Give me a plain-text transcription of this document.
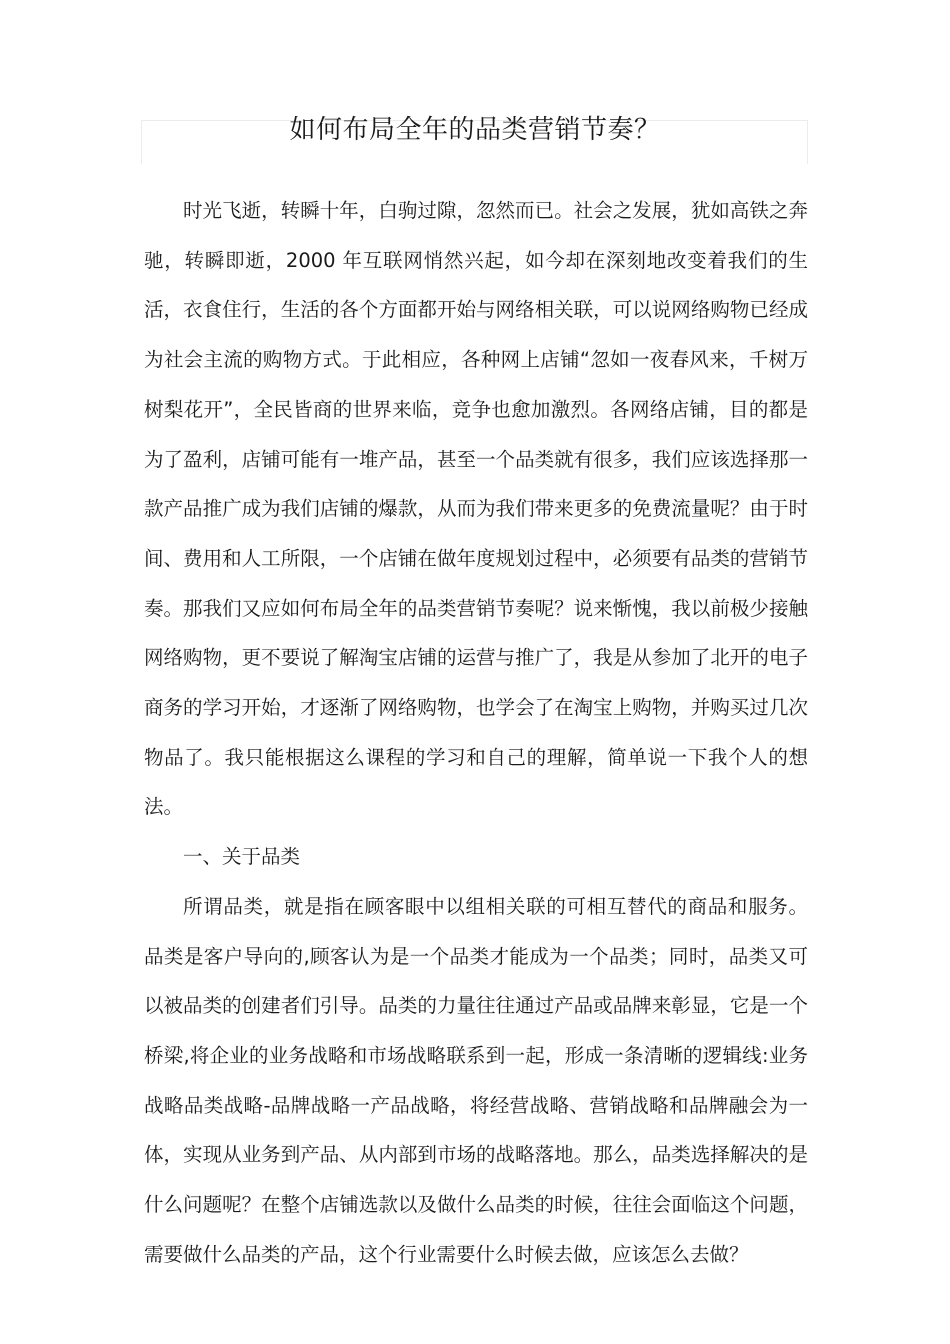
如何布局全年的品类营销节奏？

时光飞逝，转瞬十年，白驹过隙，忽然而已。社会之发展，犹如高铁之奔驰，转瞬即逝，2000 年互联网悄然兴起，如今却在深刻地改变着我们的生活，衣食住行，生活的各个方面都开始与网络相关联，可以说网络购物已经成为社会主流的购物方式。于此相应，各种网上店铺“忽如一夜春风来，千树万树梨花开”，全民皆商的世界来临，竞争也愈加激烈。各网络店铺，目的都是为了盈利，店铺可能有一堆产品，甚至一个品类就有很多，我们应该选择那一款产品推广成为我们店铺的爆款，从而为我们带来更多的免费流量呢？由于时间、费用和人工所限，一个店铺在做年度规划过程中，必须要有品类的营销节奏。那我们又应如何布局全年的品类营销节奏呢？说来惭愧，我以前极少接触网络购物，更不要说了解淘宝店铺的运营与推广了，我是从参加了北开的电子商务的学习开始，才逐渐了网络购物，也学会了在淘宝上购物，并购买过几次物品了。我只能根据这么课程的学习和自己的理解，简单说一下我个人的想法。

一、关于品类

所谓品类，就是指在顾客眼中以组相关联的可相互替代的商品和服务。 品类是客户导向的,顾客认为是一个品类才能成为一个品类；同时，品类又可以被品类的创建者们引导。品类的力量往往通过产品或品牌来彰显，它是一个桥梁,将企业的业务战略和市场战略联系到一起，形成一条清晰的逻辑线:业务战略品类战略-品牌战略一产品战略，将经营战略、营销战略和品牌融会为一体，实现从业务到产品、从内部到市场的战略落地。那么，品类选择解决的是什么问题呢？在整个店铺选款以及做什么品类的时候，往往会面临这个问题，需要做什么品类的产品，这个行业需要什么时候去做，应该怎么去做？
